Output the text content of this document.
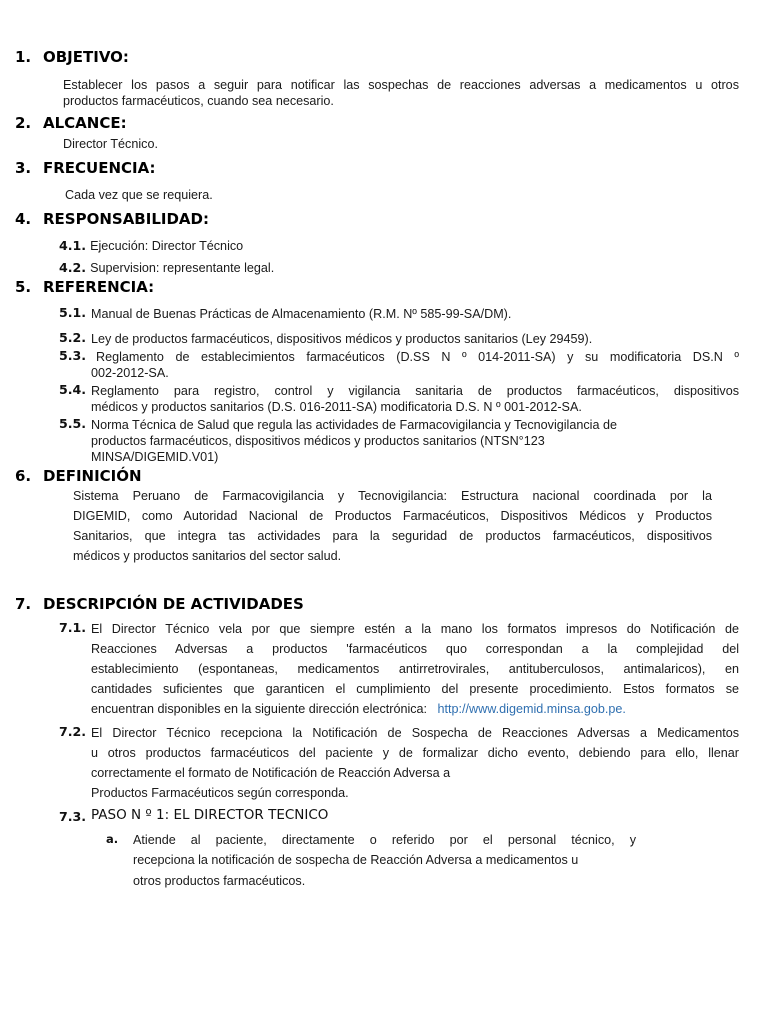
1. OBJETIVO:
Establecer los pasos a seguir para notificar las sospechas de reacciones adversas a medicamentos u otros
productos farmacéuticos, cuando sea necesario.
2. ALCANCE:
Director Técnico.
3. FRECUENCIA:
Cada vez que se requiera.
4. RESPONSABILIDAD:
4.1. Ejecución: Director Técnico
4.2. Supervision: representante legal.
5. REFERENCIA:
5.1. Manual de Buenas Prácticas de Almacenamiento (R.M. Nº 585-99-SA/DM).
5.2. Ley de productos farmacéuticos, dispositivos médicos y productos sanitarios (Ley 29459).
5.3. Reglamento de establecimientos farmacéuticos (D.SS N º 014-2011-SA) y su modificatoria DS.N º
002-2012-SA.
5.4. Reglamento para registro, control y vigilancia sanitaria de productos farmacéuticos, dispositivos
médicos y productos sanitarios (D.S. 016-2011-SA) modificatoria D.S. N º 001-2012-SA.
5.5. Norma Técnica de Salud que regula las actividades de Farmacovigilancia y Tecnovigilancia de
productos farmacéuticos, dispositivos médicos y productos sanitarios (NTSN°123
MINSA/DIGEMID.V01)
6. DEFINICIÓN
Sistema Peruano de Farmacovigilancia y Tecnovigilancia: Estructura nacional coordinada por la
DIGEMID, como Autoridad Nacional de Productos Farmacéuticos, Dispositivos Médicos y Productos
Sanitarios, que integra tas actividades para la seguridad de productos farmacéuticos, dispositivos
médicos y productos sanitarios del sector salud.
7. DESCRIPCIÓN DE ACTIVIDADES
7.1. El Director Técnico vela por que siempre estén a la mano los formatos impresos do Notificación de
Reacciones Adversas a productos 'farmacéuticos quo correspondan a la complejidad del
establecimiento (espontaneas, medicamentos antirretrovirales, antituberculosos, antimalaricos), en
cantidades suficientes que garanticen el cumplimiento del presente procedimiento. Estos formatos se
encuentran disponibles en la siguiente dirección electrónica: http://www.digemid.minsa.gob.pe.
7.2. El Director Técnico recepciona la Notificación de Sospecha de Reacciones Adversas a Medicamentos
u otros productos farmacéuticos del paciente y de formalizar dicho evento, debiendo para ello, llenar
correctamente el formato de Notificación de Reacción Adversa a
Productos Farmacéuticos según corresponda.
7.3. PASO N º 1: EL DIRECTOR TECNICO
a. Atiende al paciente, directamente o referido por el personal técnico, y
recepciona la notificación de sospecha de Reacción Adversa a medicamentos u
otros productos farmacéuticos.
